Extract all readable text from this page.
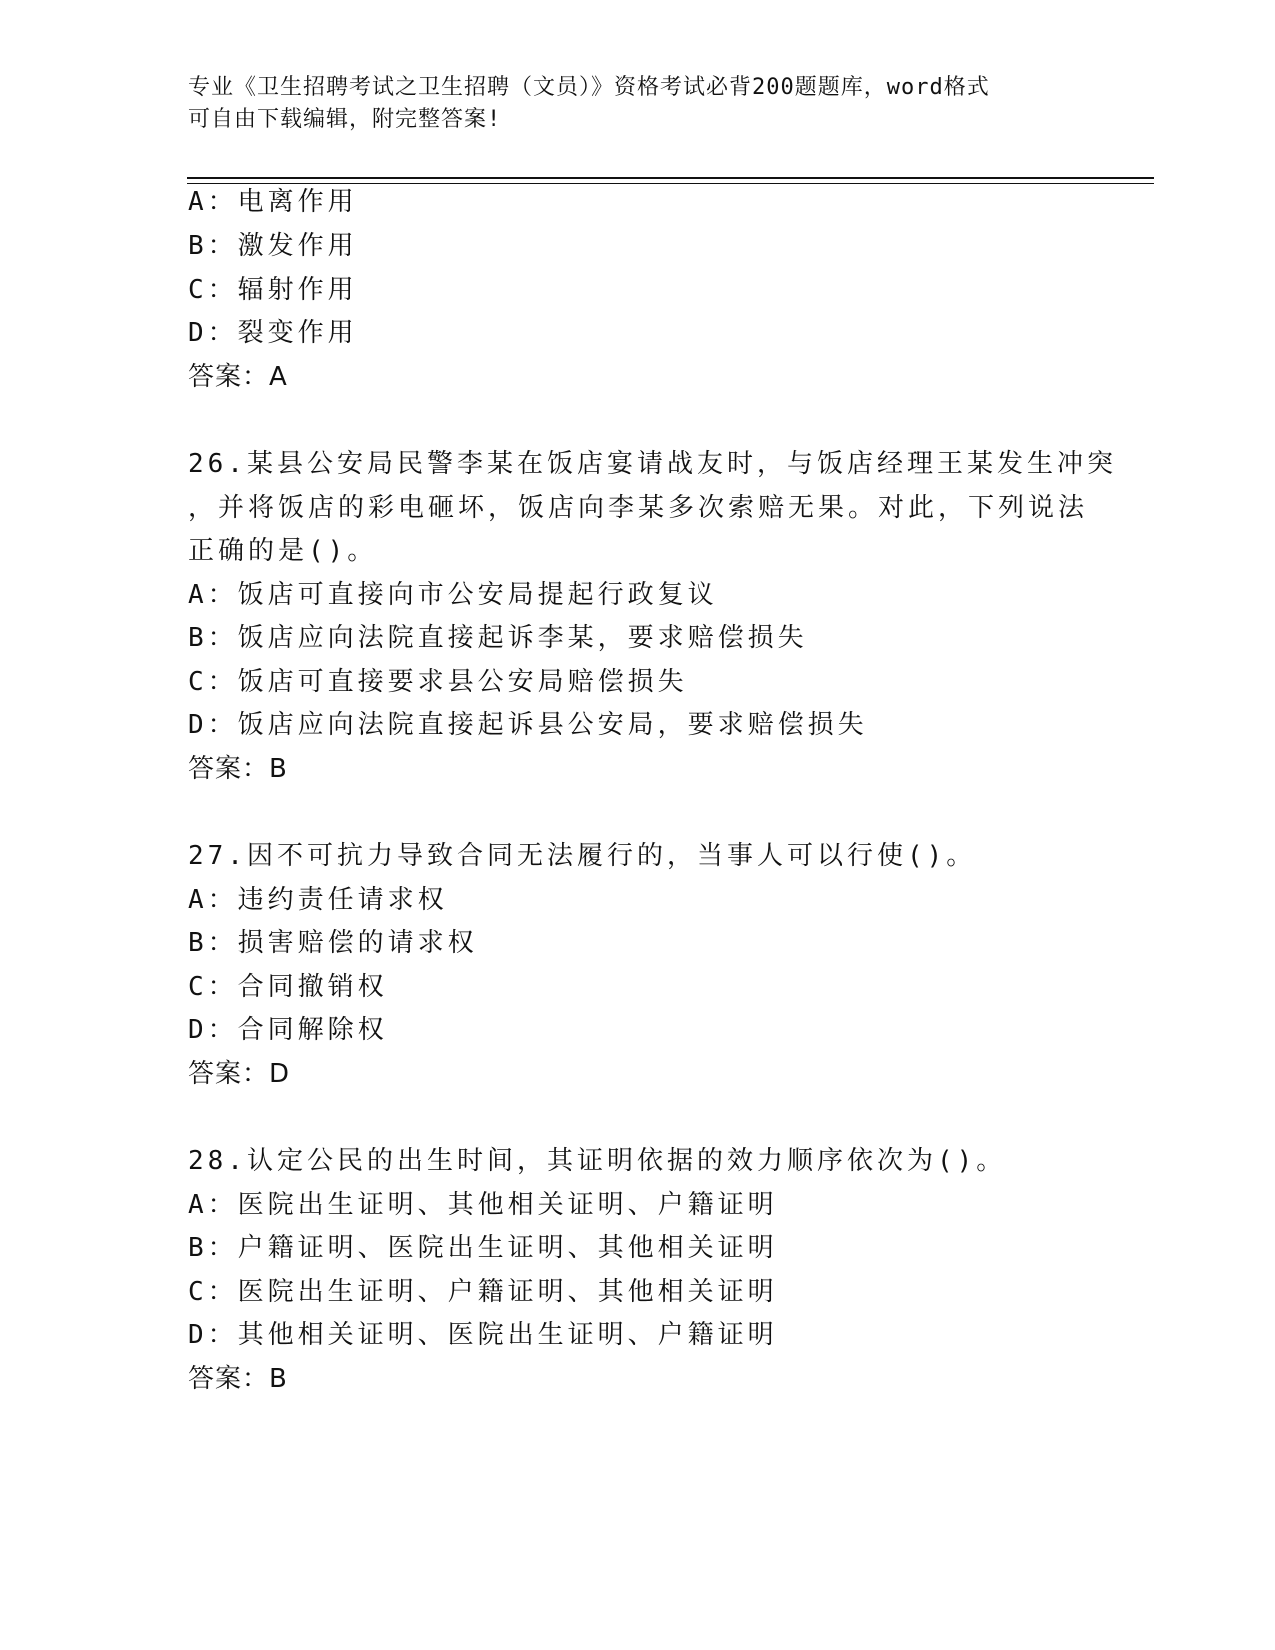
专业《卫生招聘考试之卫生招聘（文员）》资格考试必背200题题库，word格式
可自由下载编辑，附完整答案!
A：电离作用
B：激发作用
C：辐射作用
D：裂变作用
答案：A
26.某县公安局民警李某在饭店宴请战友时，与饭店经理王某发生冲突
，并将饭店的彩电砸坏，饭店向李某多次索赔无果。对此，下列说法
正确的是()。
A：饭店可直接向市公安局提起行政复议
B：饭店应向法院直接起诉李某，要求赔偿损失
C：饭店可直接要求县公安局赔偿损失
D：饭店应向法院直接起诉县公安局，要求赔偿损失
答案：B
27.因不可抗力导致合同无法履行的，当事人可以行使()。
A：违约责任请求权
B：损害赔偿的请求权
C：合同撤销权
D：合同解除权
答案：D
28.认定公民的出生时间，其证明依据的效力顺序依次为()。
A：医院出生证明、其他相关证明、户籍证明
B：户籍证明、医院出生证明、其他相关证明
C：医院出生证明、户籍证明、其他相关证明
D：其他相关证明、医院出生证明、户籍证明
答案：B
